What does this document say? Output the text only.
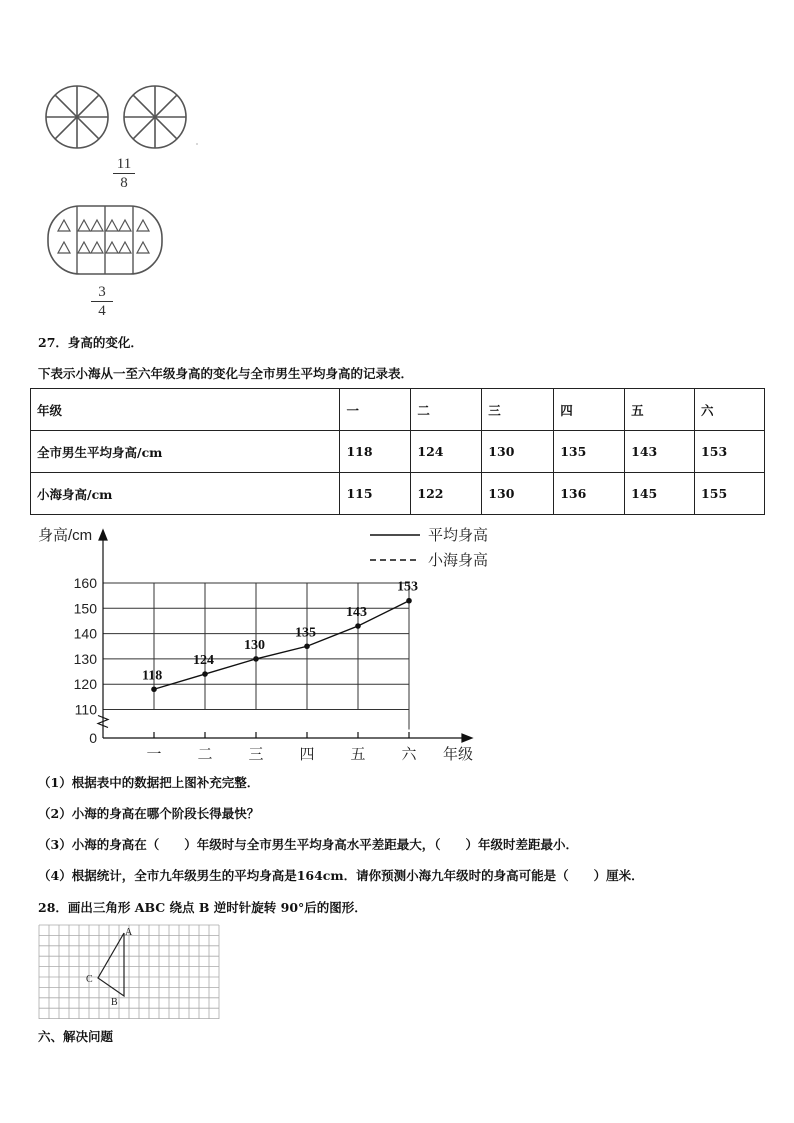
11
8
3
4
27．身高的变化．
下表示小海从一至六年级身高的变化与全市男生平均身高的记录表．
年级	一	二	三	四	五	六
全市男生平均身高/cm	118	124	130	135	143	153
小海身高/cm	115	122	130	136	145	155
0
110
120
130
140
150
160
一 二 三 四 五 六 年级
身高/cm
118
124
130
135
143
153
平均身高
小海身高
（1）根据表中的数据把上图补充完整．
（2）小海的身高在哪个阶段长得最快？
（3）小海的身高在（　　）年级时与全市男生平均身高水平差距最大，（　　）年级时差距最小．
（4）根据统计，全市九年级男生的平均身高是164cm．请你预测小海九年级时的身高可能是（　　）厘米．
28．画出三角形 ABC 绕点 B 逆时针旋转 90°后的图形．
A
B
C
六、解决问题
